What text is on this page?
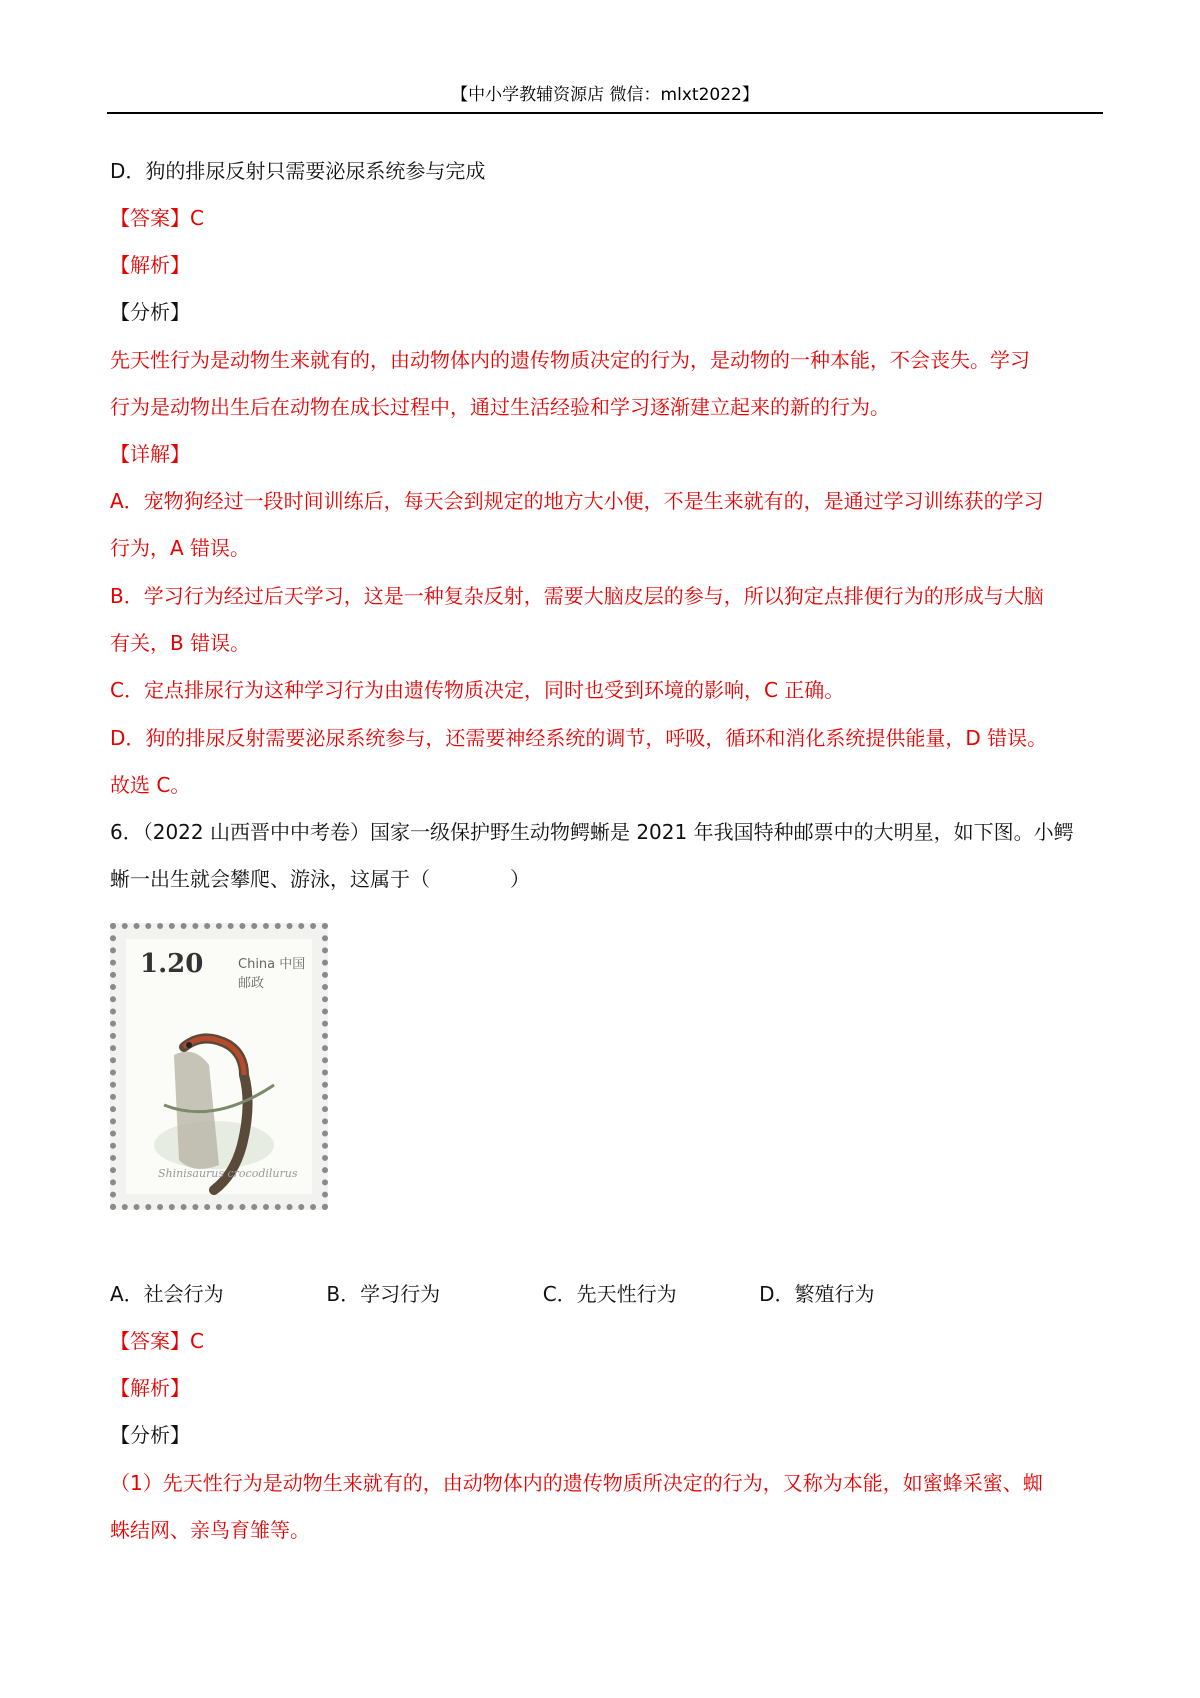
【中小学教辅资源店 微信：mlxt2022】
D．狗的排尿反射只需要泌尿系统参与完成
【答案】C
【解析】
【分析】
先天性行为是动物生来就有的，由动物体内的遗传物质决定的行为，是动物的一种本能，不会丧失。学习
行为是动物出生后在动物在成长过程中，通过生活经验和学习逐渐建立起来的新的行为。
【详解】
A．宠物狗经过一段时间训练后，每天会到规定的地方大小便，不是生来就有的，是通过学习训练获的学习
行为，A 错误。
B．学习行为经过后天学习，这是一种复杂反射，需要大脑皮层的参与，所以狗定点排便行为的形成与大脑
有关，B 错误。
C．定点排尿行为这种学习行为由遗传物质决定，同时也受到环境的影响，C 正确。
D．狗的排尿反射需要泌尿系统参与，还需要神经系统的调节，呼吸，循环和消化系统提供能量，D 错误。
故选 C。
6．（2022 山西晋中中考卷）国家一级保护野生动物鳄蜥是 2021 年我国特种邮票中的大明星，如下图。小鳄
蜥一出生就会攀爬、游泳，这属于（　　　　）
1.20	China 中国邮政
Shinisaurus crocodilurus
A．社会行为	B．学习行为	C．先天性行为	D．繁殖行为
【答案】C
【解析】
【分析】
（1）先天性行为是动物生来就有的，由动物体内的遗传物质所决定的行为，又称为本能，如蜜蜂采蜜、蜘
蛛结网、亲鸟育雏等。
